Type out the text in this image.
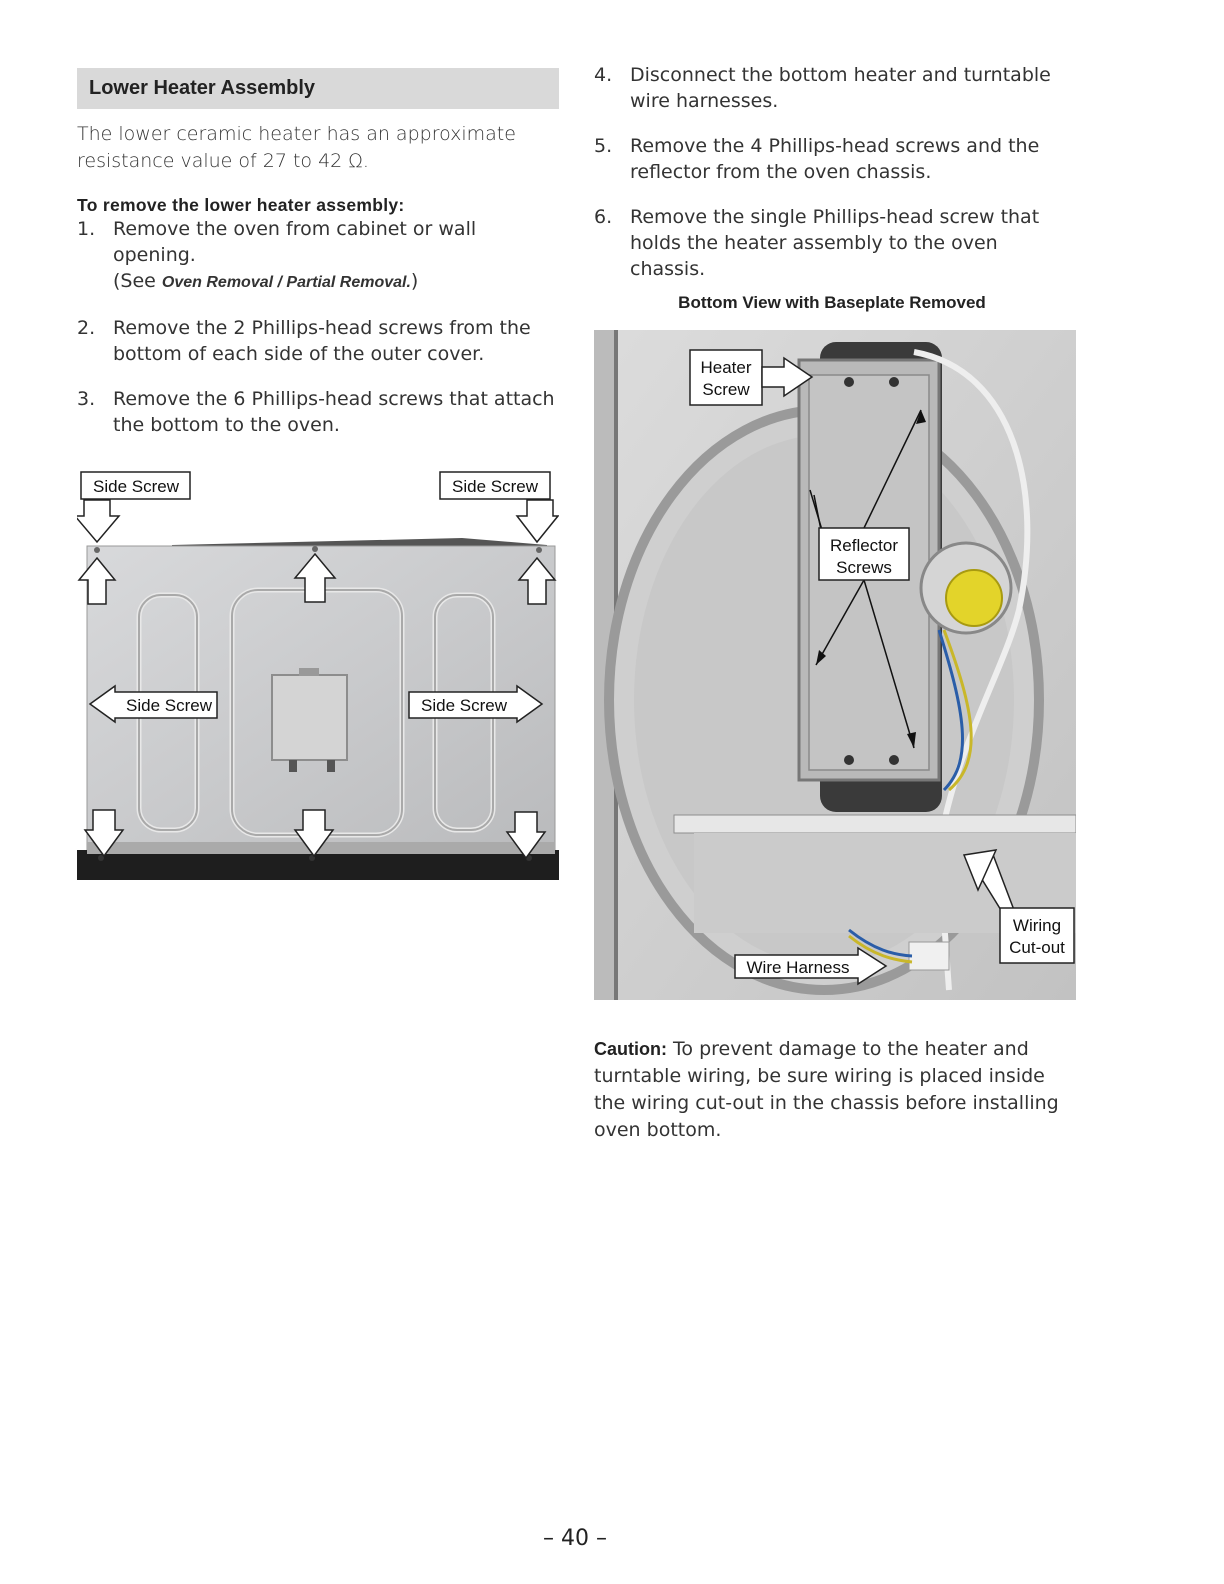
Lower Heater Assembly
The lower ceramic heater has an approximate resistance value of 27 to 42 Ω.
To remove the lower heater assembly:
1. Remove the oven from cabinet or wall opening.
(See Oven Removal / Partial Removal.)
2. Remove the 2 Phillips-head screws from the bottom of each side of the outer cover.
3. Remove the 6 Phillips-head screws that attach the bottom to the oven.
Side Screw	Side Screw
Side Screw	Side Screw
4. Disconnect the bottom heater and turntable wire harnesses.
5. Remove the 4 Phillips-head screws and the reflector from the oven chassis.
6. Remove the single Phillips-head screw that holds the heater assembly to the oven chassis.
Bottom View with Baseplate Removed
Heater
Screw
Reflector
Screws
Wiring
Cut-out
Wire Harness
Caution: To prevent damage to the heater and turntable wiring, be sure wiring is placed inside the wiring cut-out in the chassis before installing oven bottom.
– 40 –
